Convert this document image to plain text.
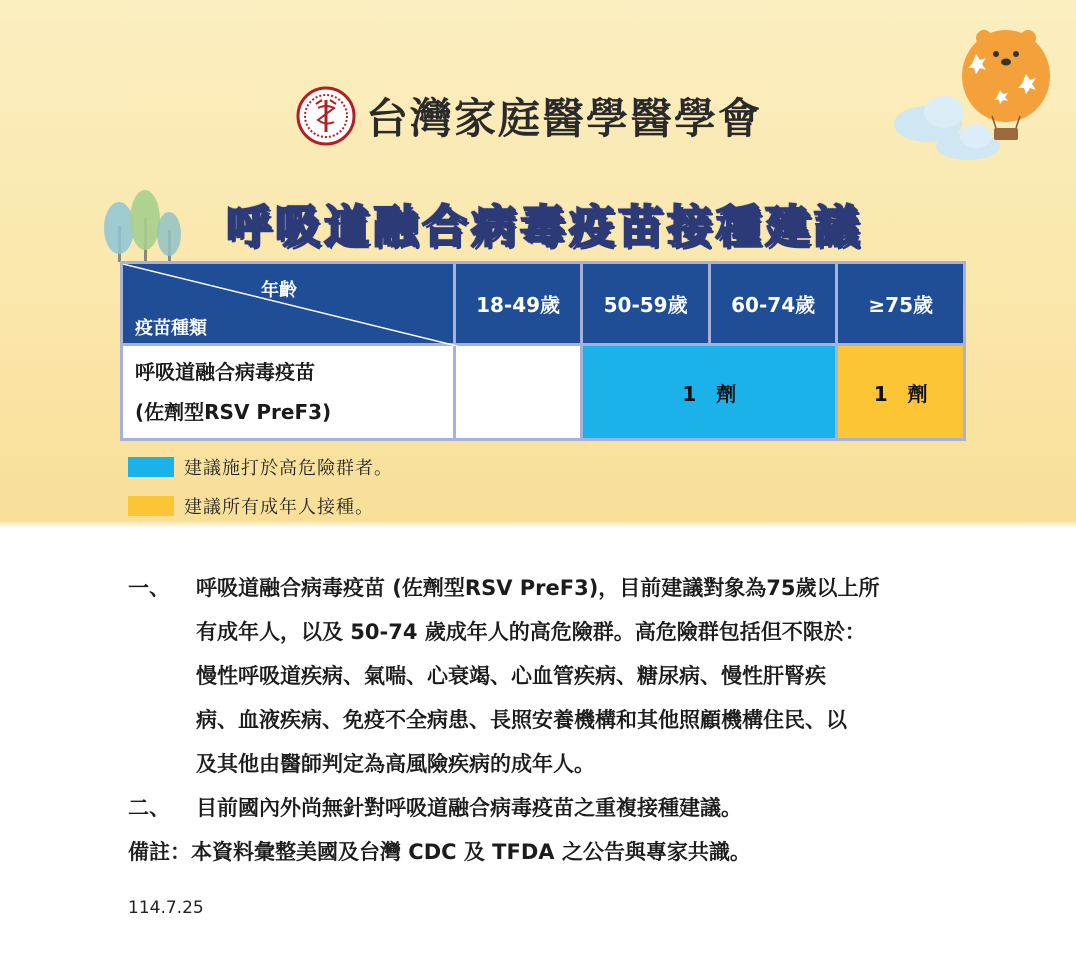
台灣家庭醫學醫學會
呼吸道融合病毒疫苗接種建議
年齡
疫苗種類	18-49歲	50-59歲	60-74歲	≥75歲

呼吸道融合病毒疫苗
(佐劑型RSV PreF3)		1　劑		1　劑
建議施打於高危險群者。
建議所有成年人接種。
一、	呼吸道融合病毒疫苗 (佐劑型RSV PreF3)，目前建議對象為75歲以上所
有成年人，以及 50-74 歲成年人的高危險群。高危險群包括但不限於：
慢性呼吸道疾病、氣喘、心衰竭、心血管疾病、糖尿病、慢性肝腎疾
病、血液疾病、免疫不全病患、長照安養機構和其他照顧機構住民、以
及其他由醫師判定為高風險疾病的成年人。
二、	目前國內外尚無針對呼吸道融合病毒疫苗之重複接種建議。
備註：本資料彙整美國及台灣 CDC 及 TFDA 之公告與專家共識。
114.7.25
